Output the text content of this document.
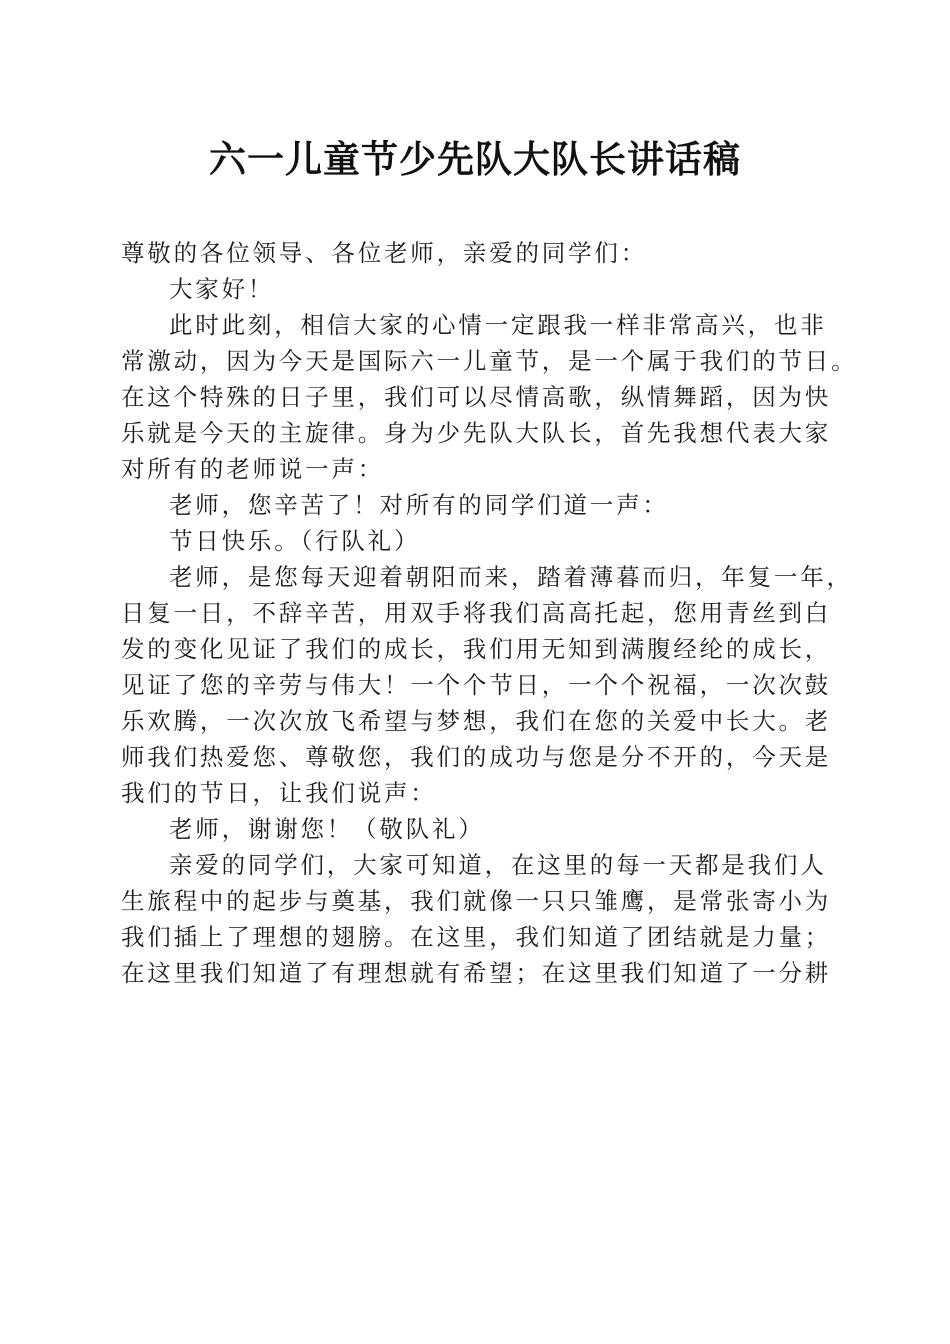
六一儿童节少先队大队长讲话稿
尊敬的各位领导、各位老师，亲爱的同学们：
大家好！
此时此刻，相信大家的心情一定跟我一样非常高兴，也非
常激动，因为今天是国际六一儿童节，是一个属于我们的节日。
在这个特殊的日子里，我们可以尽情高歌，纵情舞蹈，因为快
乐就是今天的主旋律。身为少先队大队长，首先我想代表大家
对所有的老师说一声：
老师，您辛苦了！对所有的同学们道一声：
节日快乐。（行队礼）
老师，是您每天迎着朝阳而来，踏着薄暮而归，年复一年，
日复一日，不辞辛苦，用双手将我们高高托起，您用青丝到白
发的变化见证了我们的成长，我们用无知到满腹经纶的成长，
见证了您的辛劳与伟大！一个个节日，一个个祝福，一次次鼓
乐欢腾，一次次放飞希望与梦想，我们在您的关爱中长大。老
师我们热爱您、尊敬您，我们的成功与您是分不开的，今天是
我们的节日，让我们说声：
老师，谢谢您！（敬队礼）
亲爱的同学们，大家可知道，在这里的每一天都是我们人
生旅程中的起步与奠基，我们就像一只只雏鹰，是常张寄小为
我们插上了理想的翅膀。在这里，我们知道了团结就是力量；
在这里我们知道了有理想就有希望；在这里我们知道了一分耕
